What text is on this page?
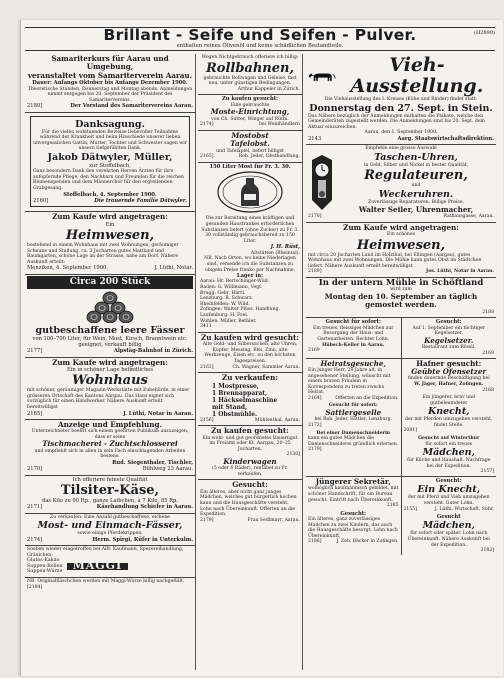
Brillant - Seife und Seifen - Pulver.	(H2890)
enthalten reines Olivenöl und keine schädlichen Bestandteile.
Samariterkurs für Aarau und Umgebung,
veranstaltet vom Samariterverein Aarau.
Dauer: Anfangs Oktober bis Anfangs Dezember 1900.
Theoretische Stunden, Donnerstag und Montag abends. Anmeldungen nimmt entgegen bis 20. September der Präsident des Samaritervereins.
2180]	Der Vorstand des Samaritervereins Aarau.
Danksagung.
Für die vielen wohltuenden Beweise liebevoller Teilnahme während der Krankheit und beim Hinschiede unserer lieben unvergesslichen Gattin, Mutter, Tochter und Schwester sagen wir unsern tiefgefühlten Dank.
Jakob Dätwyler, Müller,
zur Stoffelbach,
Ganz besondern Dank den verehrten Herren Ärzten für ihre aufopfernde Pflege, den Nachbarn und Freunden für die reichen Blumenspenden und dem Männerchor für den ergreifenden Grabgesang.
Stoffelbach, 4. September 1900.
2160]	Die trauernde Familie Dätwyler.
Zum Kaufe wird angetragen:
Ein
Heimwesen,
bestehend in einem Wohnhaus mit zwei Wohnungen, geräumiger Scheune und Stallung, ca. 3 Jucharten gutes Mattland und Baumgarten, schöne Lage an der Strasse, nahe am Dorf. Nähere Auskunft erteilt:
Menziken, 4. September 1900.	J. Lüthi, Notar.
Circa 200 Stück
gutbeschaffene leere Fässer
von 100–700 Liter, für Wein, Most, Kirsch, Branntwein etc. geeignet, verkauft billig
2177]	Alpstäg-Bahnhof in Zürich.
Zum Kaufe wird angetragen:
Ein in schöner Lage befindliches
Wohnhaus
mit schöner, geräumiger Magazin-Werkstätte mit Zubehörde, in einer grösseren Ortschaft des Kantons Aargau. Das Haus eignet sich vorzüglich für einen Handwerker. Nähere Auskunft erteilt bereitwilligst
2185]	J. Lüthi, Notar in Aarau.
Anzeige und Empfehlung.
Unterzeichneter beehrt sich einem geehrten Publikum anzuzeigen, dass er seine
Tischmacherei - Zuchtschlosserei
und empfiehlt sich in allen in sein Fach einschlagenden Arbeiten bestens.
Rud. Siegenthaler, Tischler,
2170]	Bühlweg 23 Aarau.
Ich offeriere feinste Qualität
Tilsiter-Käse,
das Kilo zu 90 Rp., ganze Laibchen, à 7 Kilo, 85 Rp.
2171]	Käsehandlung Schiefer in Aarau.
Zu verkaufen: Eine Anzahl gutbeschaffene, eichene
Most- und Einmach-Fässer,
sowie einige Pferdekrippen.
2174]	Herm. Spirgi, Küfer in Unterkulm.
Soeben wieder eingetroffen bei Alfr. Kaufmann, Spezereihandlung, Gränichen:
Glutos-Kakao
Suppen-Rollen
Suppen-Würze MAGGI
NB. Originalfläschchen werden mit Maggi-Würze billig nachgefüllt. [2184]
Wegen Nichtgebrauch offeriere ich billig:
Rollbahnen,
gebrauchte Rollwagen und Geleise, fast neu, unter günstigen Bedingungen.
Arthur Kappeler in Zürich.
Zu kaufen gesucht:
Eine gebrauchte
Moste-Einrichtung,
von Ch. Sutter, Winger auf Rüthi.
2174]	bei Weinhändlern
Mostobst
Tafelobst.
und Tafeläpfel, liefert billigst
2165]	Rob. Jeder, Obsthandlung.
150 Liter Most für Fr. 3. 30.
Die zur Bereitung eines kräftigen und gesunden Haustrankes erforderlichen Substanzen liefert (ohne Zucker) zu Fr. 3. 30 vollständig gebrauchsbereit zu 150 Liter.
J. H. Rüst,
Altstätten (Rheintal).
NB. Nach Orten, wo keine Niederlagen sind, versende ich die Substanzen zu obigem Preise franko per Nachnahme.
Lager in:
Aarau: Hr. Bertschinger-Wild.
Baden: G. Willimann, Vogt.
Brugg: Gebr. Härri.
Lenzburg: R. Schwarz.
Rheinfelden: W. Wild.
Zofingen: Walter Plüss, Handlung.
Laufenburg: H. Frei.
Wohlen: Müller, Bethler.
3411
Zu kaufen wird gesucht:
Alte Gold- und Silbersachen, alte Uhren, Kupfer, Messing, Blei, Zinn, alte Werkzeuge, Eisen etc. zu den höchsten Tagespreisen.
2163]	Ch. Wagner, Sammler Aarau.
Zu verkaufen:
1 Mostpresse,
1 Brennapparat,
1 Häckselmaschine
mit Stand,
1 Obstmühle.
2156]	Mühlenthal, Aarau.
Zu kaufen gesucht:
Ein wohl- und gut geordnetes Bauerngut im Freiamt oder Kt. Aargau, 20–25 Jucharten.
2130]
Kinderwagen
(5 oder 6 Räder), rentabel zu Fr. verkaufen.
Gesucht:
Ein älteres, aber nicht ganz junges Mädchen, welches gut bürgerlich kochen kann und die Hausgeschäfte versteht. Lohn nach Übereinkunft. Offerten an die Expedition.
2179]	Frau Sedlmayr, Aarau.
Vieh-Ausstellung.
Die Viehausstellung des I. Kreises (Kühe und Rinder) findet statt:
Donnerstag den 27. Sept. in Stein.
Das Nähere bezüglich der Anmeldungen enthalten die Plakate, welche den Gemeinderäten zugestellt werden. Die Anmeldungen sind bis 20. Sept. dem Aktuar einzureichen.
Aarau, den 1. September 1900.
2143	Aarg. Staatswirtschaftsdirektion.
Empfehle eine grosse Auswahl
Taschen-Uhren,
in Gold, Silber und Nickel in bester Qualität,
Regulateuren,
und
Weckeruhren.
Zuverlässige Reparaturen. Billige Preise.
Walter Seiler, Uhrenmacher,
2178]	Rathausgasse, Aarau.
Zum Kaufe wird angetragen:
Ein schönes
Heimwesen,
mit circa 20 Jucharten Land im Holzthal, bei Ellingen (Aargau), gutes Wohnhaus mit zwei Wohnungen. Die Mühle kann gutes Obst im Städtchen liefert. Nähere Auskunft erteilt bereitwilligst
2189]	Jos. Lüthi, Notar in Aarau.
In der untern Mühle in Schöftland
wird zum
Montag den 10. September an täglich gemostet werden.
2188
Gesucht für sofort:
Ein treues, fleissiges Mädchen zur Besorgung der Haus- und Gartenarbeiten. Rechter Lohn.
Hübsch-Keller in Aarau.
2169
Gesucht:
Auf 1. September ein tüchtiger Kegelsetzer,
Kegelsetzer.
Restaurant zum Rössli.
2168
Heiratsgesuche,
Ein junger Herr, 28 Jahre alt, in angesehener Stellung, wünscht mit einem braven Fräulein in Korrespondenz zu treten zwecks Heirat.
2164]	Offerten an die Expedition.
Gesucht für sofort:
Sattlergeselle
bei Rob. Jeder, Sattler, Lenzburg.
2172]
Bei einer Damenschneiderin
kann ein gutes Mädchen die Damenschneiderei gründlich erlernen.
2179]
Hafner gesucht:
Geübte Ofensetzer
finden dauernde Beschäftigung bei
W. Jäger, Hafner, Zofingen.
2168
Ein jüngerer, brav und gutbeleumdeter
Knecht,
der mit Pferden umzugehen versteht, findet Stelle.
2081]
Gesucht auf Winterthur
für sofort ein treues
Mädchen,
für Küche und Haushalt. Nachfrage bei der Expedition.
2157]
Jüngerer Sekretär,
womöglich kaufmännisch gebildet, mit schöner Handschrift, für ein Bureau gesucht. Eintritt nach Übereinkunft.
2185
Gesucht:
Ein älteres, ganz zuverlässiges Mädchen zu zwei Kindern, das auch die Hausgeschäfte besorgt. Lohn nach Übereinkunft.
2186]	J. Zeh, Bäcker in Zofingen.
Gesucht:
Ein Knecht,
der mit Pferd und Vieh umzugehen versteht. Guter Lohn.
2155]	J. Lüthi, Wirtschaft, Suhr.
Gesucht
Mädchen,
für sofort oder später. Lohn nach Übereinkunft. Nähere Auskunft bei der Expedition.
2182]
